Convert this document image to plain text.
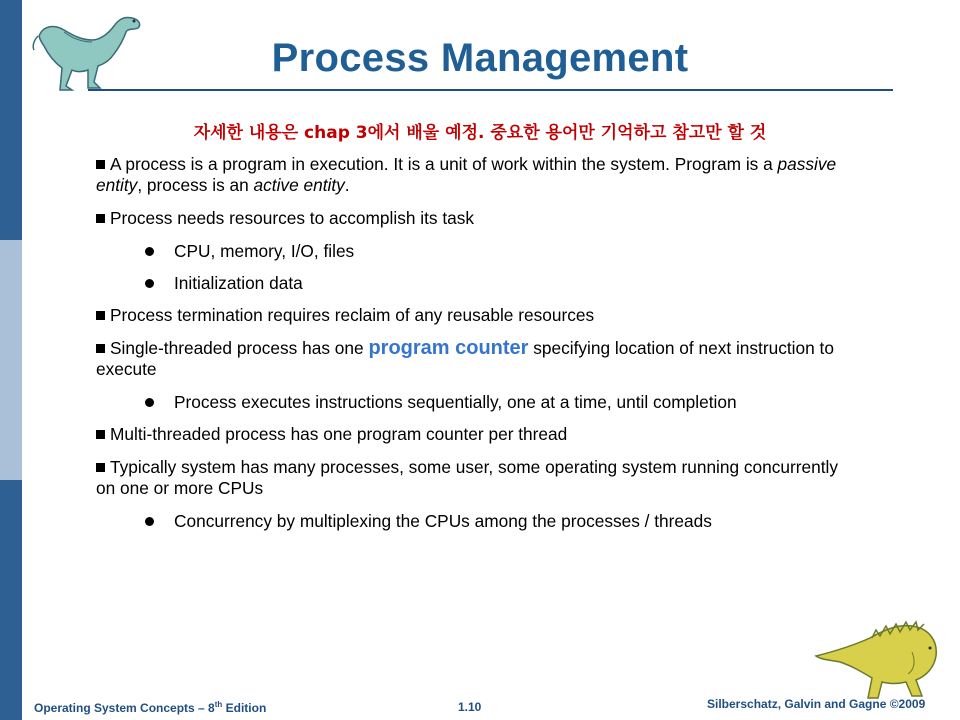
Process Management
자세한 내용은 chap 3에서 배울 예정. 중요한 용어만 기억하고 참고만 할 것
A process is a program in execution. It is a unit of work within the system. Program is a passive entity, process is an active entity.
Process needs resources to accomplish its task
CPU, memory, I/O, files
Initialization data
Process termination requires reclaim of any reusable resources
Single-threaded process has one program counter specifying location of next instruction to execute
Process executes instructions sequentially, one at a time, until completion
Multi-threaded process has one program counter per thread
Typically system has many processes, some user, some operating system running concurrently on one or more CPUs
Concurrency by multiplexing the CPUs among the processes / threads
Operating System Concepts – 8th Edition	1.10	Silberschatz, Galvin and Gagne ©2009
